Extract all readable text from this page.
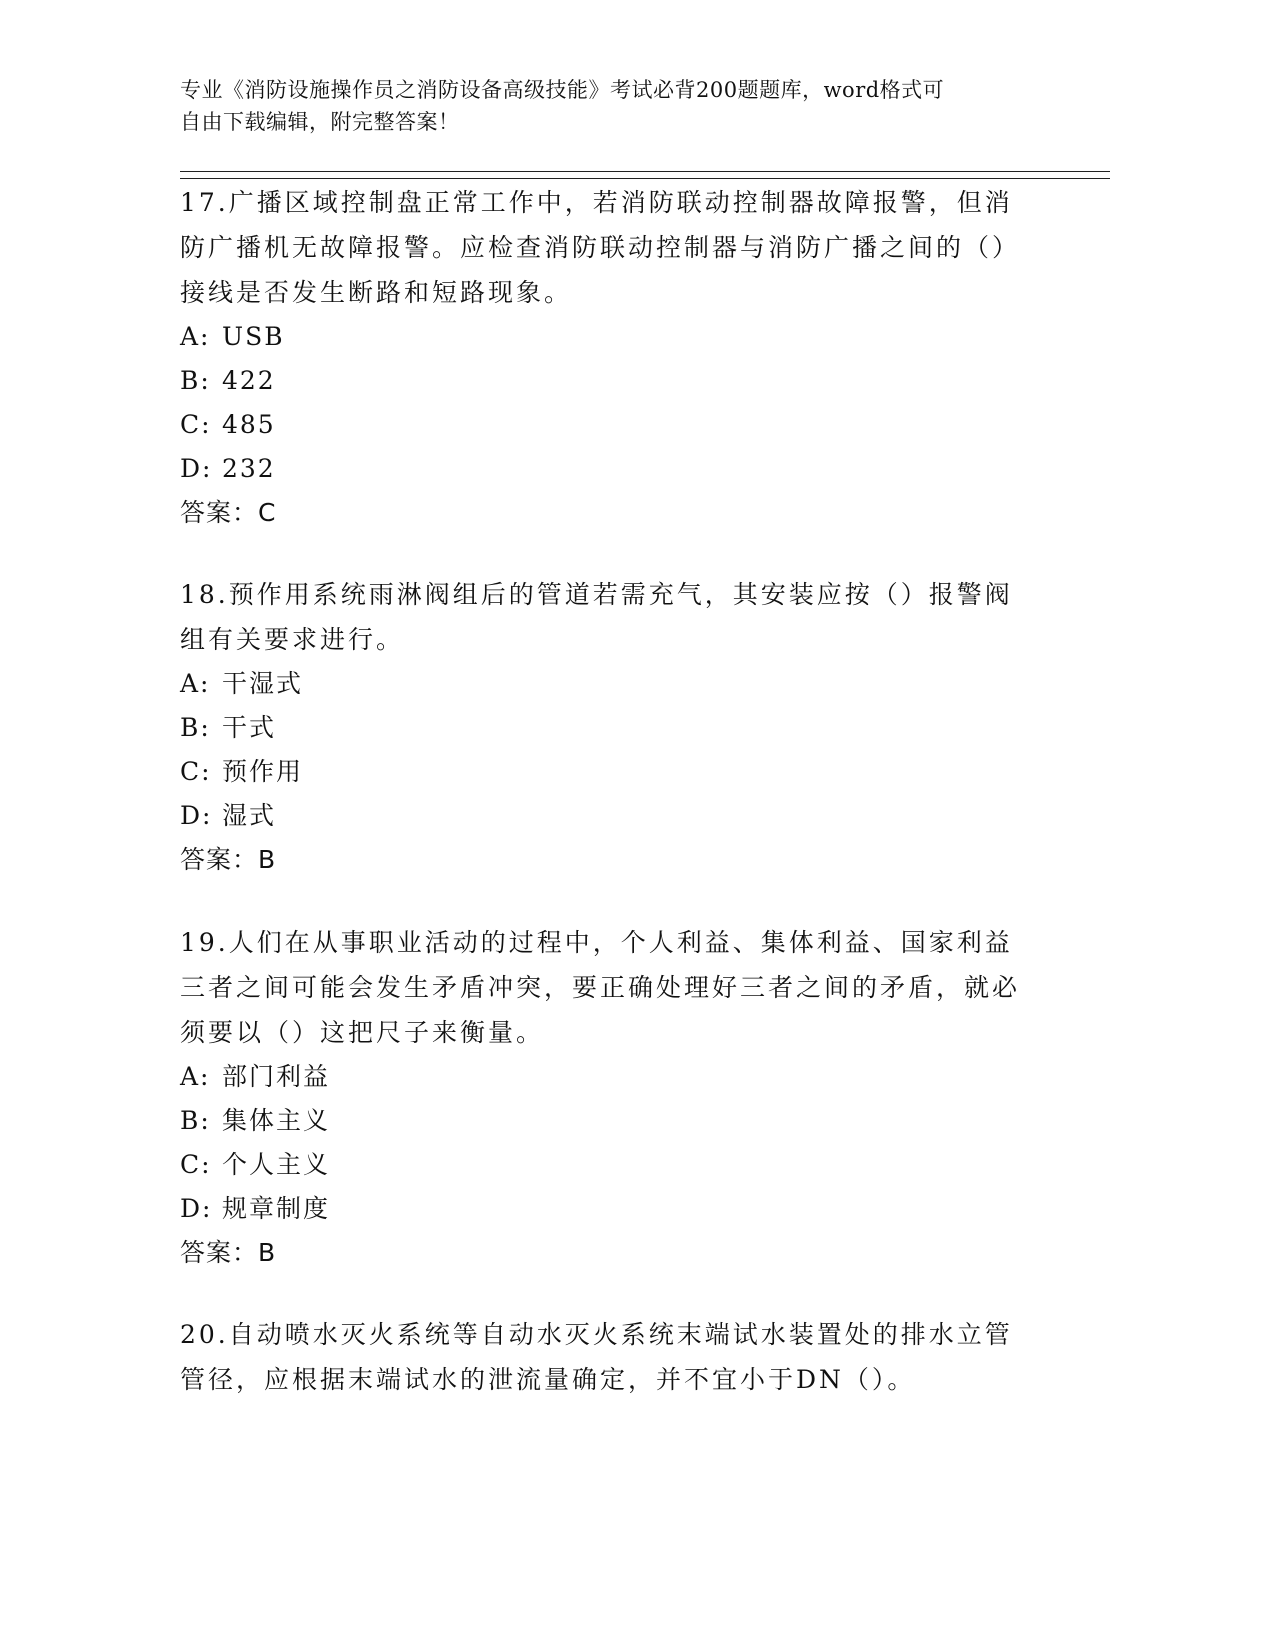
专业《消防设施操作员之消防设备高级技能》考试必背200题题库，word格式可
自由下载编辑，附完整答案！

17.广播区域控制盘正常工作中，若消防联动控制器故障报警，但消防广播机无故障报警。应检查消防联动控制器与消防广播之间的（）接线是否发生断路和短路现象。

A: USB
B: 422
C: 485
D: 232
答案：C

18.预作用系统雨淋阀组后的管道若需充气，其安装应按（）报警阀组有关要求进行。

A: 干湿式
B: 干式
C: 预作用
D: 湿式
答案：B

19.人们在从事职业活动的过程中，个人利益、集体利益、国家利益三者之间可能会发生矛盾冲突，要正确处理好三者之间的矛盾，就必须要以（）这把尺子来衡量。

A: 部门利益
B: 集体主义
C: 个人主义
D: 规章制度
答案：B

20.自动喷水灭火系统等自动水灭火系统末端试水装置处的排水立管管径，应根据末端试水的泄流量确定，并不宜小于DN（）。
